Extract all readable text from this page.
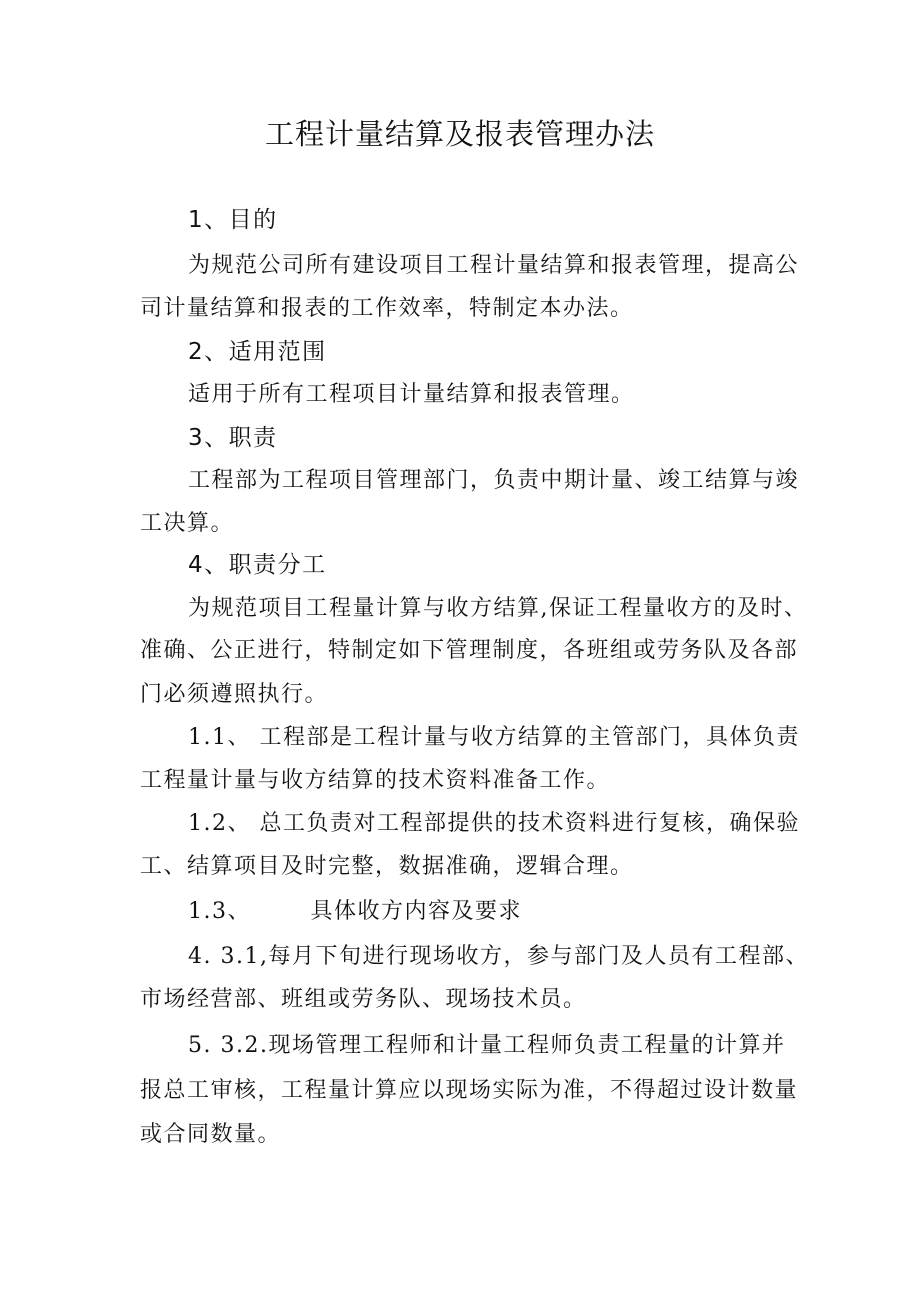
工程计量结算及报表管理办法
1、目的
为规范公司所有建设项目工程计量结算和报表管理，提高公
司计量结算和报表的工作效率，特制定本办法。
2、适用范围
适用于所有工程项目计量结算和报表管理。
3、职责
工程部为工程项目管理部门，负责中期计量、竣工结算与竣
工决算。
4、职责分工
为规范项目工程量计算与收方结算,保证工程量收方的及时、
准确、公正进行，特制定如下管理制度，各班组或劳务队及各部
门必须遵照执行。
1.1、 工程部是工程计量与收方结算的主管部门，具体负责
工程量计量与收方结算的技术资料准备工作。
1.2、 总工负责对工程部提供的技术资料进行复核，确保验
工、结算项目及时完整，数据准确，逻辑合理。
1.3、       具体收方内容及要求
4. 3.1,每月下旬进行现场收方，参与部门及人员有工程部、
市场经营部、班组或劳务队、现场技术员。
5. 3.2.现场管理工程师和计量工程师负责工程量的计算并
报总工审核，工程量计算应以现场实际为准，不得超过设计数量
或合同数量。
